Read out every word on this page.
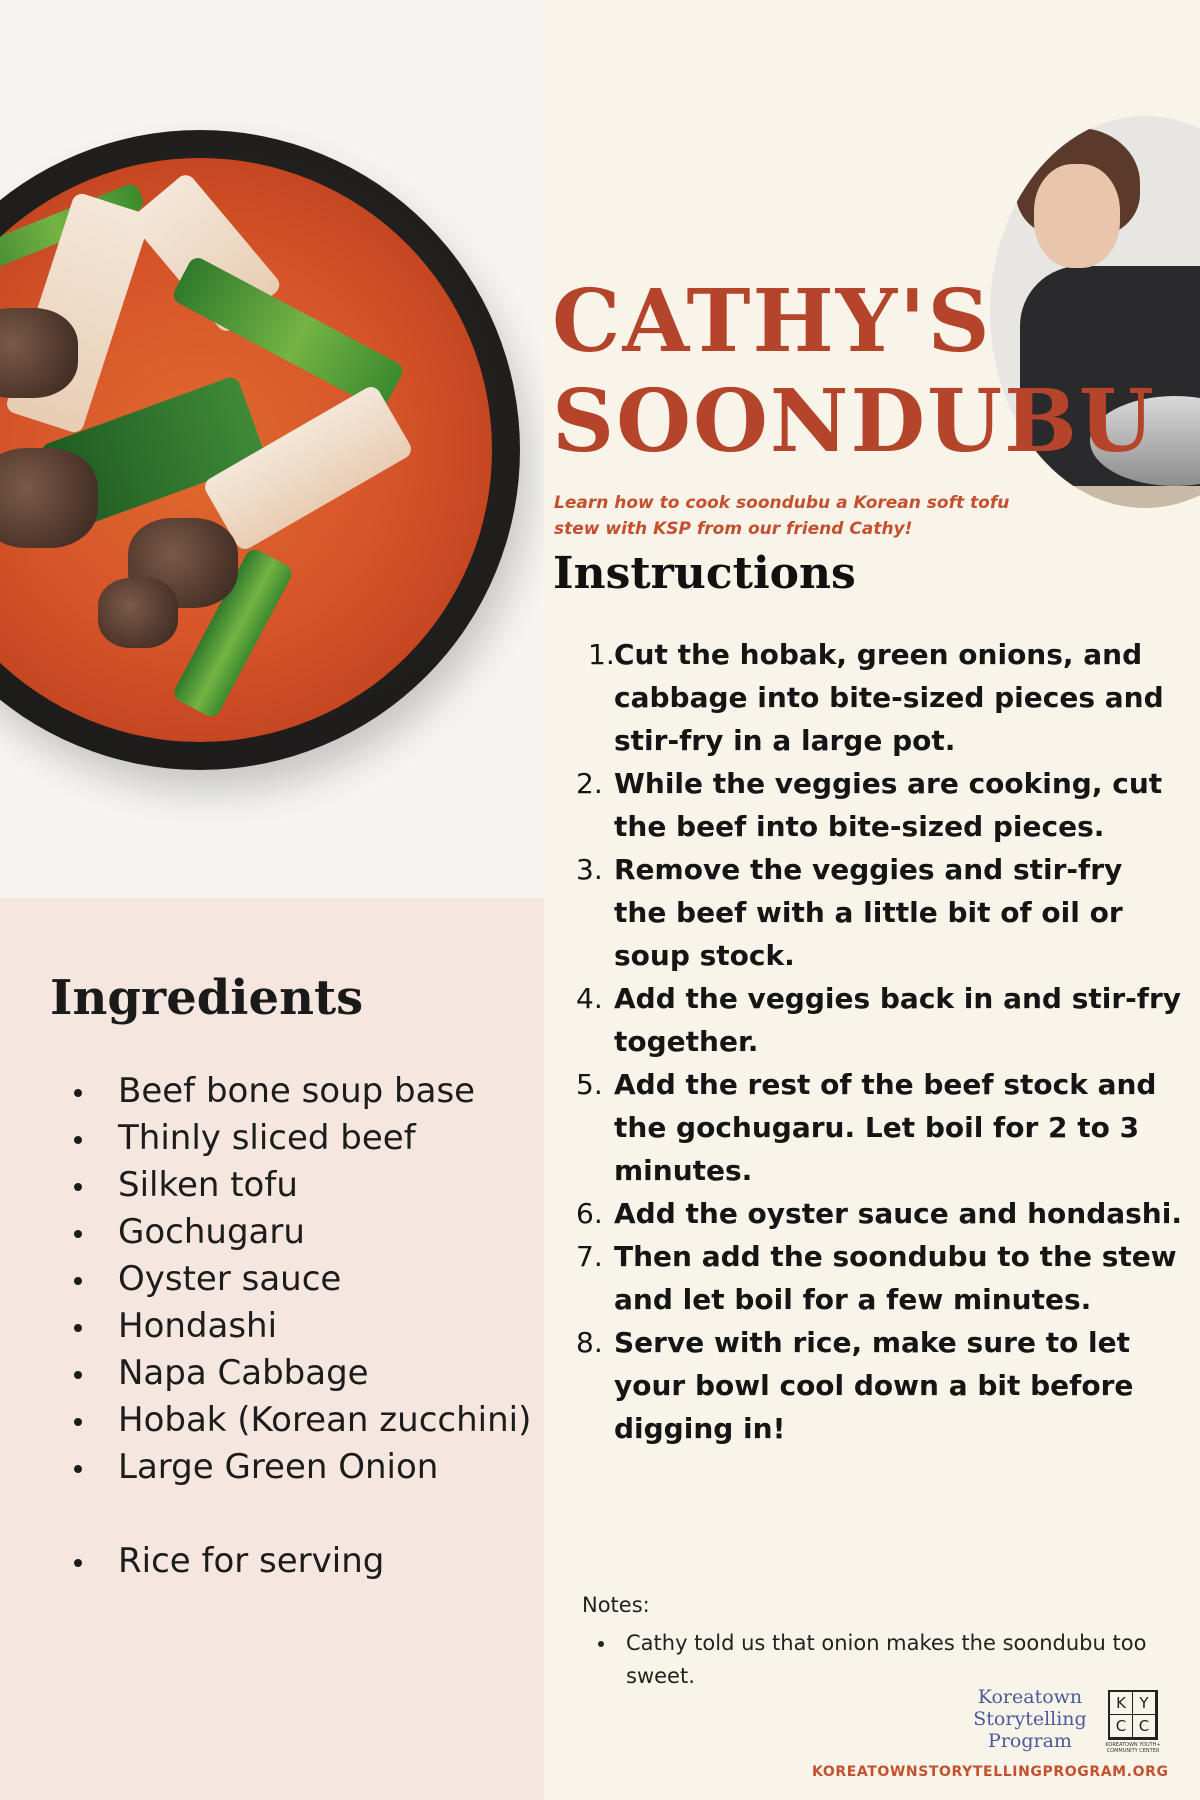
Ingredients
Beef bone soup base
Thinly sliced beef
Silken tofu
Gochugaru
Oyster sauce
Hondashi
Napa Cabbage
Hobak (Korean zucchini)
Large Green Onion
Rice for serving
CATHY'S
SOONDUBU

Learn how to cook soondubu a Korean soft tofu stew with KSP from our friend Cathy!

Instructions
1. Cut the hobak, green onions, and cabbage into bite-sized pieces and stir-fry in a large pot.
2. While the veggies are cooking, cut the beef into bite-sized pieces.
3. Remove the veggies and stir-fry the beef with a little bit of oil or soup stock.
4. Add the veggies back in and stir-fry together.
5. Add the rest of the beef stock and the gochugaru. Let boil for 2 to 3 minutes.
6. Add the oyster sauce and hondashi.
7. Then add the soondubu to the stew and let boil for a few minutes.
8. Serve with rice, make sure to let your bowl cool down a bit before digging in!

Notes:

Cathy told us that onion makes the soondubu too sweet.
Koreatown
Storytelling
Program
K Y
C C

KOREATOWN YOUTH+ COMMUNITY CENTER

KOREATOWNSTORYTELLINGPROGRAM.ORG
